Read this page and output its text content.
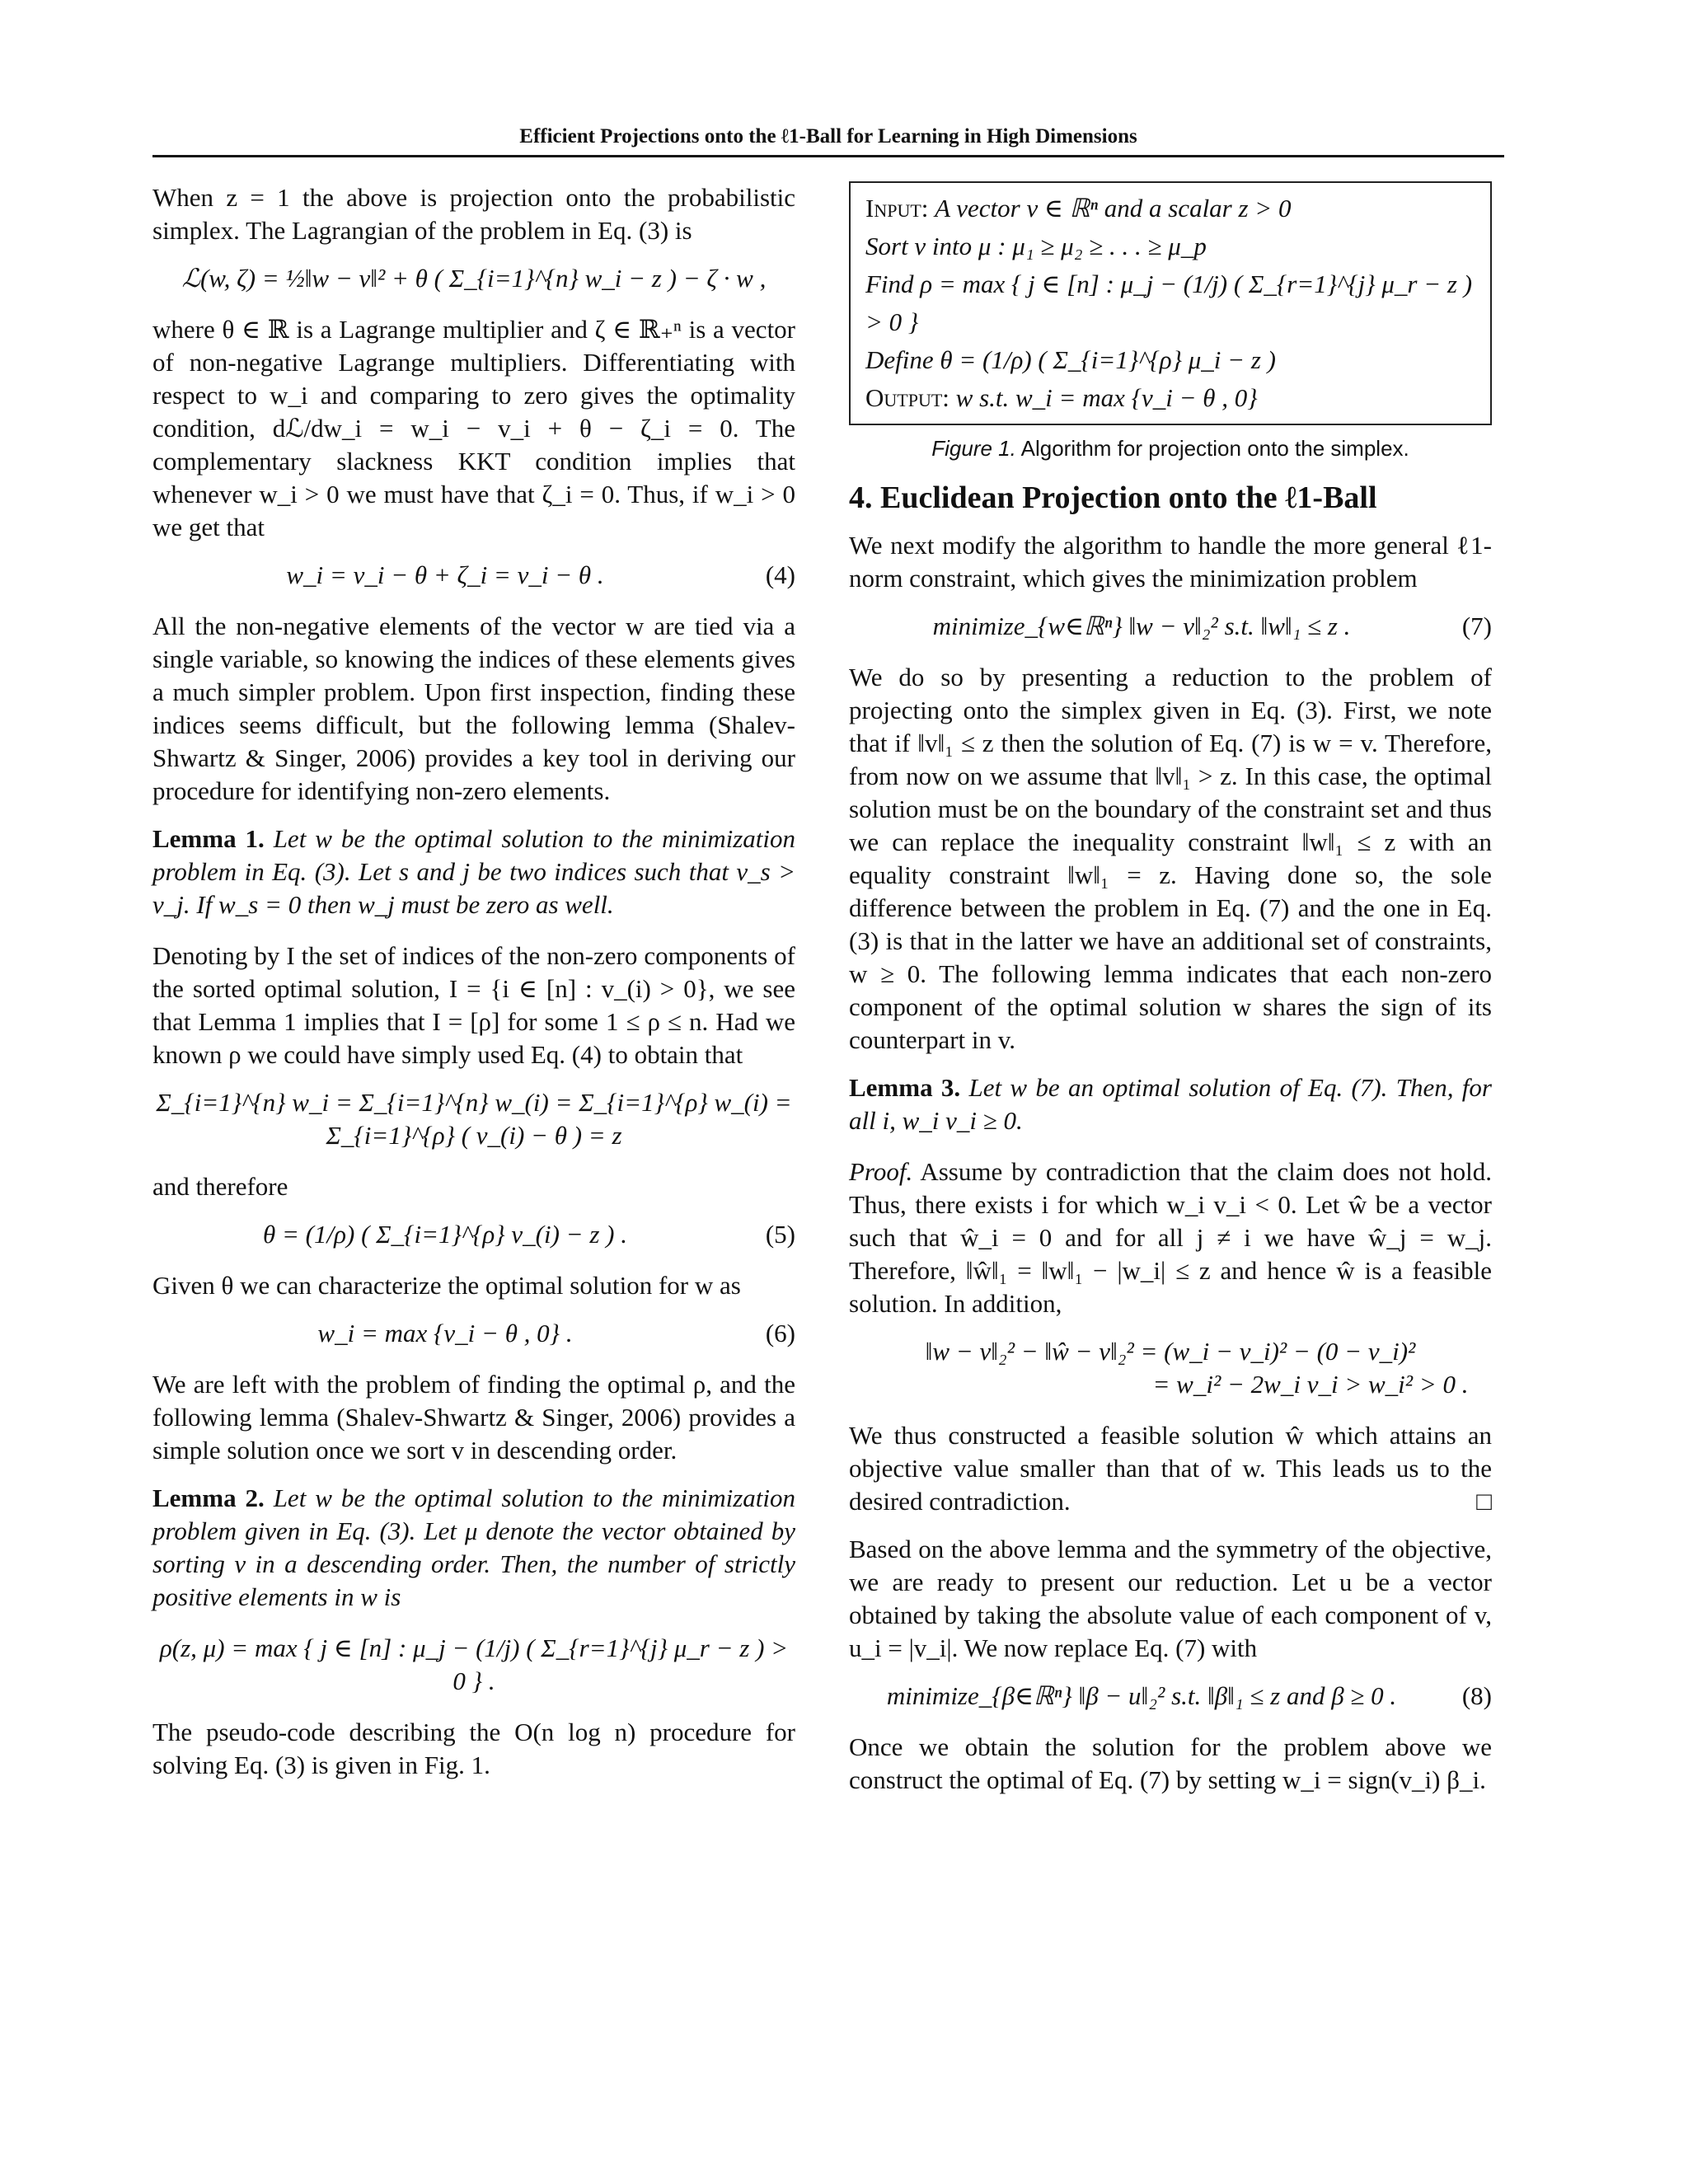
Efficient Projections onto the ℓ1-Ball for Learning in High Dimensions

When z = 1 the above is projection onto the probabilistic simplex. The Lagrangian of the problem in Eq. (3) is

ℒ(w, ζ) = ½‖w − v‖² + θ ( Σ_{i=1}^{n} w_i − z ) − ζ · w ,

where θ ∈ ℝ is a Lagrange multiplier and ζ ∈ ℝ₊ⁿ is a vector of non-negative Lagrange multipliers. Differentiating with respect to w_i and comparing to zero gives the optimality condition, dℒ/dw_i = w_i − v_i + θ − ζ_i = 0. The complementary slackness KKT condition implies that whenever w_i > 0 we must have that ζ_i = 0. Thus, if w_i > 0 we get that

w_i = v_i − θ + ζ_i = v_i − θ .	(4)

All the non-negative elements of the vector w are tied via a single variable, so knowing the indices of these elements gives a much simpler problem. Upon first inspection, finding these indices seems difficult, but the following lemma (Shalev-Shwartz & Singer, 2006) provides a key tool in deriving our procedure for identifying non-zero elements.

Lemma 1. Let w be the optimal solution to the minimization problem in Eq. (3). Let s and j be two indices such that v_s > v_j. If w_s = 0 then w_j must be zero as well.

Denoting by I the set of indices of the non-zero components of the sorted optimal solution, I = {i ∈ [n] : v_(i) > 0}, we see that Lemma 1 implies that I = [ρ] for some 1 ≤ ρ ≤ n. Had we known ρ we could have simply used Eq. (4) to obtain that

Σ_{i=1}^{n} w_i = Σ_{i=1}^{n} w_(i) = Σ_{i=1}^{ρ} w_(i) = Σ_{i=1}^{ρ} ( v_(i) − θ ) = z

and therefore

θ = (1/ρ) ( Σ_{i=1}^{ρ} v_(i) − z ) .	(5)

Given θ we can characterize the optimal solution for w as

w_i = max {v_i − θ , 0} .	(6)

We are left with the problem of finding the optimal ρ, and the following lemma (Shalev-Shwartz & Singer, 2006) provides a simple solution once we sort v in descending order.

Lemma 2. Let w be the optimal solution to the minimization problem given in Eq. (3). Let μ denote the vector obtained by sorting v in a descending order. Then, the number of strictly positive elements in w is
ρ(z, μ) = max { j ∈ [n] : μ_j − (1/j) ( Σ_{r=1}^{j} μ_r − z ) > 0 } .

The pseudo-code describing the O(n log n) procedure for solving Eq. (3) is given in Fig. 1.

Input: A vector v ∈ ℝⁿ and a scalar z > 0
Sort v into μ : μ₁ ≥ μ₂ ≥ . . . ≥ μ_p
Find ρ = max { j ∈ [n] : μ_j − (1/j) ( Σ_{r=1}^{j} μ_r − z ) > 0 }
Define θ = (1/ρ) ( Σ_{i=1}^{ρ} μ_i − z )
Output: w s.t. w_i = max {v_i − θ , 0}
Figure 1. Algorithm for projection onto the simplex.
4. Euclidean Projection onto the ℓ1-Ball

We next modify the algorithm to handle the more general ℓ1-norm constraint, which gives the minimization problem

minimize_{w∈ℝⁿ} ‖w − v‖₂² s.t. ‖w‖₁ ≤ z .	(7)

We do so by presenting a reduction to the problem of projecting onto the simplex given in Eq. (3). First, we note that if ‖v‖₁ ≤ z then the solution of Eq. (7) is w = v. Therefore, from now on we assume that ‖v‖₁ > z. In this case, the optimal solution must be on the boundary of the constraint set and thus we can replace the inequality constraint ‖w‖₁ ≤ z with an equality constraint ‖w‖₁ = z. Having done so, the sole difference between the problem in Eq. (7) and the one in Eq. (3) is that in the latter we have an additional set of constraints, w ≥ 0. The following lemma indicates that each non-zero component of the optimal solution w shares the sign of its counterpart in v.

Lemma 3. Let w be an optimal solution of Eq. (7). Then, for all i, w_i v_i ≥ 0.

Proof. Assume by contradiction that the claim does not hold. Thus, there exists i for which w_i v_i < 0. Let ŵ be a vector such that ŵ_i = 0 and for all j ≠ i we have ŵ_j = w_j. Therefore, ‖ŵ‖₁ = ‖w‖₁ − |w_i| ≤ z and hence ŵ is a feasible solution. In addition,

‖w − v‖₂² − ‖ŵ − v‖₂² = (w_i − v_i)² − (0 − v_i)²
= w_i² − 2w_i v_i > w_i² > 0 .

We thus constructed a feasible solution ŵ which attains an objective value smaller than that of w. This leads us to the desired contradiction.	□

Based on the above lemma and the symmetry of the objective, we are ready to present our reduction. Let u be a vector obtained by taking the absolute value of each component of v, u_i = |v_i|. We now replace Eq. (7) with

minimize_{β∈ℝⁿ} ‖β − u‖₂² s.t. ‖β‖₁ ≤ z and β ≥ 0 .	(8)

Once we obtain the solution for the problem above we construct the optimal of Eq. (7) by setting w_i = sign(v_i) β_i.
